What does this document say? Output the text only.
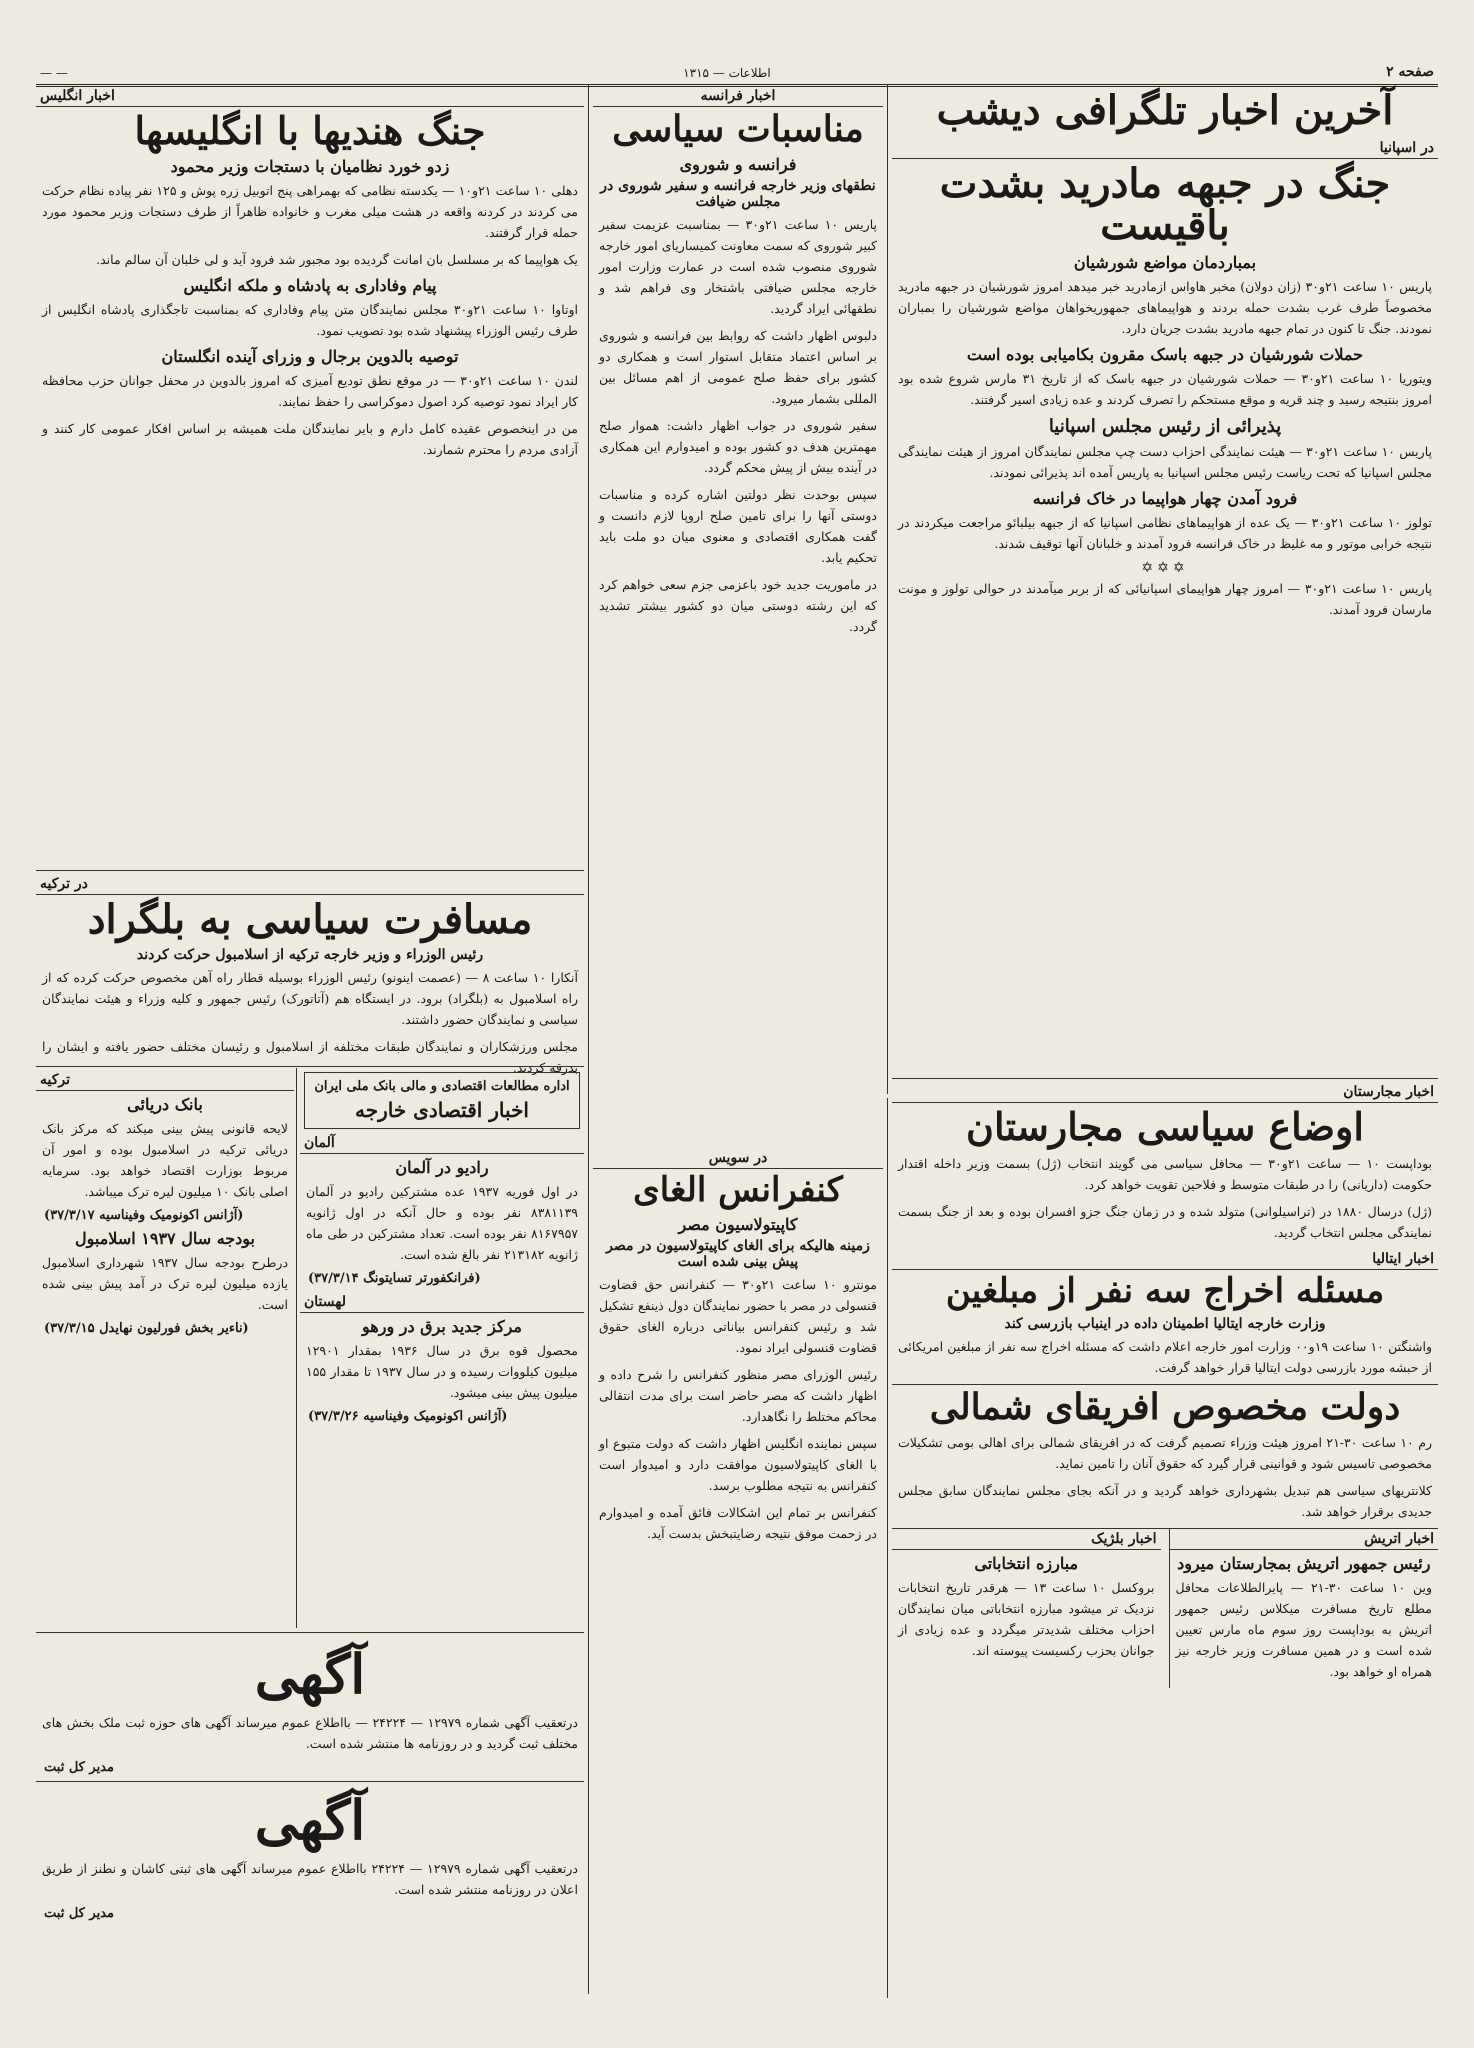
صفحه ۲
اطلاعات — ۱۳۱۵
— —
آخرین اخبار تلگرافی دیشب
در اسپانیا
جنگ در جبهه مادرید بشدت باقیست
بمباردمان مواضع شورشیان

پاریس ۱۰ ساعت ۲۱و۳۰ (زان دولان) مخبر هاواس ازمادرید خبر میدهد امروز شورشیان در جبهه مادرید مخصوصاً طرف غرب بشدت حمله بردند و هواپیماهای جمهوریخواهان مواضع شورشیان را بمباران نمودند. جنگ تا کنون در تمام جبهه مادرید بشدت جریان دارد.

حملات شورشیان در جبهه باسک مقرون بکامیابی بوده است

ویتوریا ۱۰ ساعت ۲۱و۳۰ — حملات شورشیان در جبهه باسک که از تاریخ ۳۱ مارس شروع شده بود امروز بنتیجه رسید و چند قریه و موقع مستحکم را تصرف کردند و عده زیادی اسیر گرفتند.

پذیرائی از رئیس مجلس اسپانیا

پاریس ۱۰ ساعت ۲۱و۳۰ — هیئت نمایندگی احزاب دست چپ مجلس نمایندگان امروز از هیئت نمایندگی مجلس اسپانیا که تحت ریاست رئیس مجلس اسپانیا به پاریس آمده اند پذیرائی نمودند.

فرود آمدن چهار هواپیما در خاک فرانسه

تولوز ۱۰ ساعت ۲۱و۳۰ — یک عده از هواپیماهای نظامی اسپانیا که از جبهه بیلبائو مراجعت میکردند در نتیجه خرابی موتور و مه غلیظ در خاک فرانسه فرود آمدند و خلبانان آنها توقیف شدند.

✡✡✡

پاریس ۱۰ ساعت ۲۱و۳۰ — امروز چهار هواپیمای اسپانیائی که از بربر میآمدند در حوالی تولوز و مونت مارسان فرود آمدند.

اخبار فرانسه
مناسبات سیاسی
فرانسه و شوروی
نطقهای وزیر خارجه فرانسه و سفیر شوروی در مجلس ضیافت

پاریس ۱۰ ساعت ۲۱و۳۰ — بمناسبت عزیمت سفیر کبیر شوروی که سمت معاونت کمیساریای امور خارجه شوروی منصوب شده است در عمارت وزارت امور خارجه مجلس ضیافتی باشتخار وی فراهم شد و نطقهائی ایراد گردید.

دلبوس اظهار داشت که روابط بین فرانسه و شوروی بر اساس اعتماد متقابل استوار است و همکاری دو کشور برای حفظ صلح عمومی از اهم مسائل بین المللی بشمار میرود.

سفیر شوروی در جواب اظهار داشت: هموار صلح مهمترین هدف دو کشور بوده و امیدوارم این همکاری در آینده بیش از پیش محکم گردد.

سپس بوحدت نظر دولتین اشاره کرده و مناسبات دوستی آنها را برای تامین صلح اروپا لازم دانست و گفت همکاری اقتصادی و معنوی میان دو ملت باید تحکیم یابد.

در ماموریت جدید خود باعزمی جزم سعی خواهم کرد که این رشته دوستی میان دو کشور بیشتر تشدید گردد.

اخبار انگلیس
جنگ هندیها با انگلیسها
زدو خورد نظامیان با دستجات وزیر محمود

دهلی ۱۰ ساعت ۲۱و۱۰ — یکدسته نظامی که بهمراهی پنج اتوبیل زره پوش و ۱۲۵ نفر پیاده نظام حرکت می کردند در کردنه واقعه در هشت میلی مغرب و خانواده ظاهراً از طرف دستجات وزیر محمود مورد حمله قرار گرفتند.

یک هواپیما که بر مسلسل بان امانت گردیده بود مجبور شد فرود آید و لی خلبان آن سالم ماند.

پیام وفاداری به پادشاه و ملکه انگلیس

اوتاوا ۱۰ ساعت ۲۱و۳۰ مجلس نمایندگان متن پیام وفاداری که بمناسبت تاجگذاری پادشاه انگلیس از طرف رئیس الوزراء پیشنهاد شده بود تصویب نمود.

توصیه بالدوین برجال و وزرای آینده انگلستان

لندن ۱۰ ساعت ۲۱و۳۰ — در موقع نطق تودیع آمیزی که امروز بالدوین در محفل جوانان حزب محافظه کار ایراد نمود توصیه کرد اصول دموکراسی را حفظ نمایند.

من در اینخصوص عقیده کامل دارم و بایر نمایندگان ملت همیشه بر اساس افکار عمومی کار کنند و آزادی مردم را محترم شمارند.

در ترکیه
مسافرت سیاسی به بلگراد
رئیس الوزراء و وزیر خارجه ترکیه از اسلامبول حرکت کردند

آنکارا ۱۰ ساعت ۸ — (عصمت اینونو) رئیس الوزراء بوسیله قطار راه آهن مخصوص حرکت کرده که از راه اسلامبول به (بلگراد) برود. در ایستگاه هم (آتاتورک) رئیس جمهور و کلیه وزراء و هیئت نمایندگان سیاسی و نمایندگان حضور داشتند.

مجلس ورزشکاران و نمایندگان طبقات مختلفه از اسلامبول و رئیسان مختلف حضور یافته و ایشان را بدرقه کردند.

اداره مطالعات اقتصادی و مالی بانک ملی ایران
اخبار اقتصادی خارجه
آلمان
رادیو در آلمان

در اول فوریه ۱۹۳۷ عده مشترکین رادیو در آلمان ۸۳۸۱۱۳۹ نفر بوده و حال آنکه در اول ژانویه ۸۱۶۷۹۵۷ نفر بوده است. تعداد مشترکین در طی ماه ژانویه ۲۱۳۱۸۲ نفر بالغ شده است.

(فرانکفورتر تسایتونگ ۳۷/۳/۱۴)
لهستان
مرکز جدید برق در ورهو

محصول قوه برق در سال ۱۹۳۶ بمقدار ۱۲۹۰۱ میلیون کیلووات رسیده و در سال ۱۹۳۷ تا مقدار ۱۵۵ میلیون پیش بینی میشود.

(آژانس اکونومیک وفیناسیه ۳۷/۳/۲۶)
ترکیه
بانک دریائی

لایحه قانونی پیش بینی میکند که مرکز بانک دریائی ترکیه در اسلامبول بوده و امور آن مربوط بوزارت اقتصاد خواهد بود. سرمایه اصلی بانک ۱۰ میلیون لیره ترک میباشد.

(آژانس اکونومیک وفیناسیه ۳۷/۳/۱۷)
بودجه سال ۱۹۳۷ اسلامبول

درطرح بودجه سال ۱۹۳۷ شهرداری اسلامبول یازده میلیون لیره ترک در آمد پیش بینی شده است.

(ناءیر بخش فورلیون نهایدل ۳۷/۳/۱۵)
آگهی

درتعقیب آگهی شماره ۱۲۹۷۹ — ۲۴۲۲۴ — بااطلاع عموم میرساند آگهی های حوزه ثبت ملک بخش های مختلف ثبت گردید و در روزنامه ها منتشر شده است.

مدیر کل ثبت
آگهی

درتعقیب آگهی شماره ۱۲۹۷۹ — ۲۴۲۲۴ بااطلاع عموم میرساند آگهی های ثبتی کاشان و نطنز از طریق اعلان در روزنامه منتشر شده است.

مدیر کل ثبت
در سویس
کنفرانس الغای
کاپیتولاسیون مصر
زمینه هالیکه برای الغای کاپیتولاسیون در مصر پیش بینی شده است

مونترو ۱۰ ساعت ۲۱و۳۰ — کنفرانس حق قضاوت قنسولی در مصر با حضور نمایندگان دول ذینفع تشکیل شد و رئیس کنفرانس بیاناتی درباره الغای حقوق قضاوت قنسولی ایراد نمود.

رئیس الوزرای مصر منظور کنفرانس را شرح داده و اظهار داشت که مصر حاضر است برای مدت انتقالی محاکم مختلط را نگاهدارد.

سپس نماینده انگلیس اظهار داشت که دولت متبوع او با الغای کاپیتولاسیون موافقت دارد و امیدوار است کنفرانس به نتیجه مطلوب برسد.

کنفرانس بر تمام این اشکالات فائق آمده و امیدوارم در زحمت موفق نتیجه رضایتبخش بدست آید.

اخبار مجارستان
اوضاع سیاسی مجارستان

بوداپست ۱۰ — ساعت ۲۱و۳۰ — محافل سیاسی می گویند انتخاب (ژل) بسمت وزیر داخله اقتدار حکومت (داریانی) را در طبقات متوسط و فلاحین تقویت خواهد کرد.

(ژل) درسال ۱۸۸۰ در (تراسیلوانی) متولد شده و در زمان جنگ جزو افسران بوده و بعد از جنگ بسمت نمایندگی مجلس انتخاب گردید.

اخبار ایتالیا
مسئله اخراج سه نفر از مبلغین
وزارت خارجه ایتالیا اطمینان داده در اینباب بازرسی کند

واشنگتن ۱۰ ساعت ۱۹و۰۰ وزارت امور خارجه اعلام داشت که مسئله اخراج سه نفر از مبلغین امریکائی از حبشه مورد بازرسی دولت ایتالیا قرار خواهد گرفت.

دولت مخصوص افریقای شمالی

رم ۱۰ ساعت ۳۰-۲۱ امروز هیئت وزراء تصمیم گرفت که در افریقای شمالی برای اهالی بومی تشکیلات مخصوصی تاسیس شود و قوانینی قرار گیرد که حقوق آنان را تامین نماید.

کلانتریهای سیاسی هم تبدیل بشهرداری خواهد گردید و در آنکه بجای مجلس نمایندگان سابق مجلس جدیدی برقرار خواهد شد.

اخبار اتریش
رئیس جمهور اتریش بمجارستان میرود

وین ۱۰ ساعت ۳۰-۲۱ — پایرالطلاعات محافل مطلع تاریخ مسافرت میکلاس رئیس جمهور اتریش به بوداپست روز سوم ماه مارس تعیین شده است و در همین مسافرت وزیر خارجه نیز همراه او خواهد بود.

اخبار بلژیک
مبارزه انتخاباتی

بروکسل ۱۰ ساعت ۱۳ — هرقدر تاریخ انتخابات نزدیک تر میشود مبارزه انتخاباتی میان نمایندگان احزاب مختلف شدیدتر میگردد و عده زیادی از جوانان بحزب رکسیست پیوسته اند.
